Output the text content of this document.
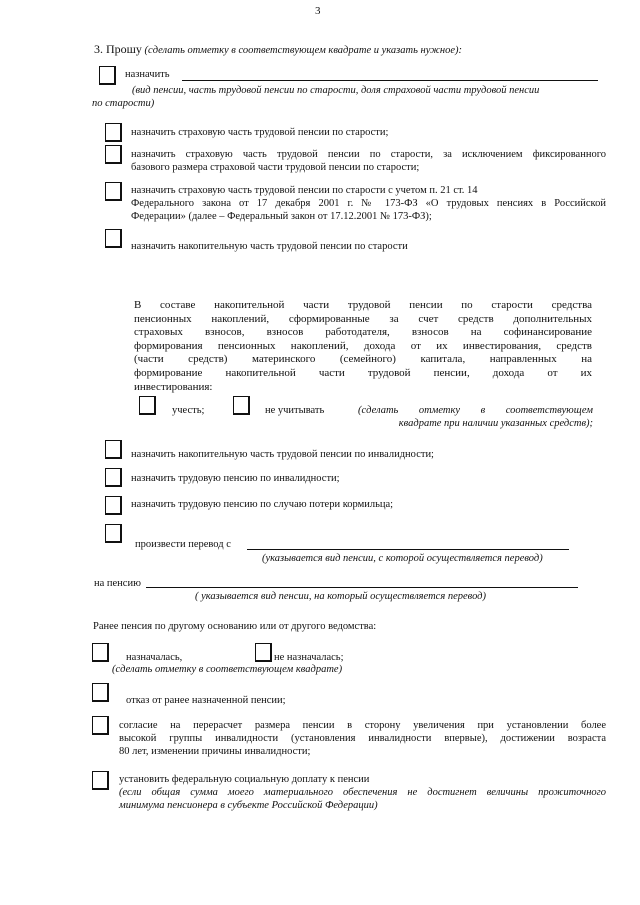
3
3. Прошу (сделать отметку в соответствующем квадрате и указать нужное):
назначить
(вид пенсии, часть трудовой пенсии по старости, доля страховой части трудовой пенсии
по старости)
назначить страховую часть трудовой пенсии по старости;
назначить страховую часть трудовой пенсии по старости, за исключением фиксированного
базового размера страховой части трудовой пенсии по старости;
назначить страховую часть трудовой пенсии по старости с учетом п. 21 ст. 14
Федерального закона от 17 декабря 2001 г. № 173-ФЗ «О трудовых пенсиях в Российской
Федерации» (далее – Федеральный закон от 17.12.2001 № 173-ФЗ);
назначить накопительную часть трудовой пенсии по старости
В составе накопительной части трудовой пенсии по старости средства
пенсионных накоплений, сформированные за счет средств дополнительных
страховых взносов, взносов работодателя, взносов на софинансирование
формирования пенсионных накоплений, дохода от их инвестирования, средств
(части средств) материнского (семейного) капитала, направленных на
формирование накопительной части трудовой пенсии, дохода от их
инвестирования:
учесть;	не учитывать	(сделать отметку в соответствующем
квадрате при наличии указанных средств);
назначить накопительную часть трудовой пенсии по инвалидности;
назначить трудовую пенсию по инвалидности;
назначить трудовую пенсию по случаю потери кормильца;
произвести перевод с
(указывается вид пенсии, с которой осуществляется перевод)
на пенсию
( указывается вид пенсии, на который осуществляется перевод)
Ранее пенсия по другому основанию или от другого ведомства:
назначалась,	не назначалась;
(сделать отметку в соответствующем квадрате)
отказ от ранее назначенной пенсии;
согласие на перерасчет размера пенсии в сторону увеличения при установлении более
высокой группы инвалидности (установления инвалидности впервые), достижении возраста
80 лет, изменении причины инвалидности;
установить федеральную социальную доплату к пенсии
(если общая сумма моего материального обеспечения не достигнет величины прожиточного
минимума пенсионера в субъекте Российской Федерации)
